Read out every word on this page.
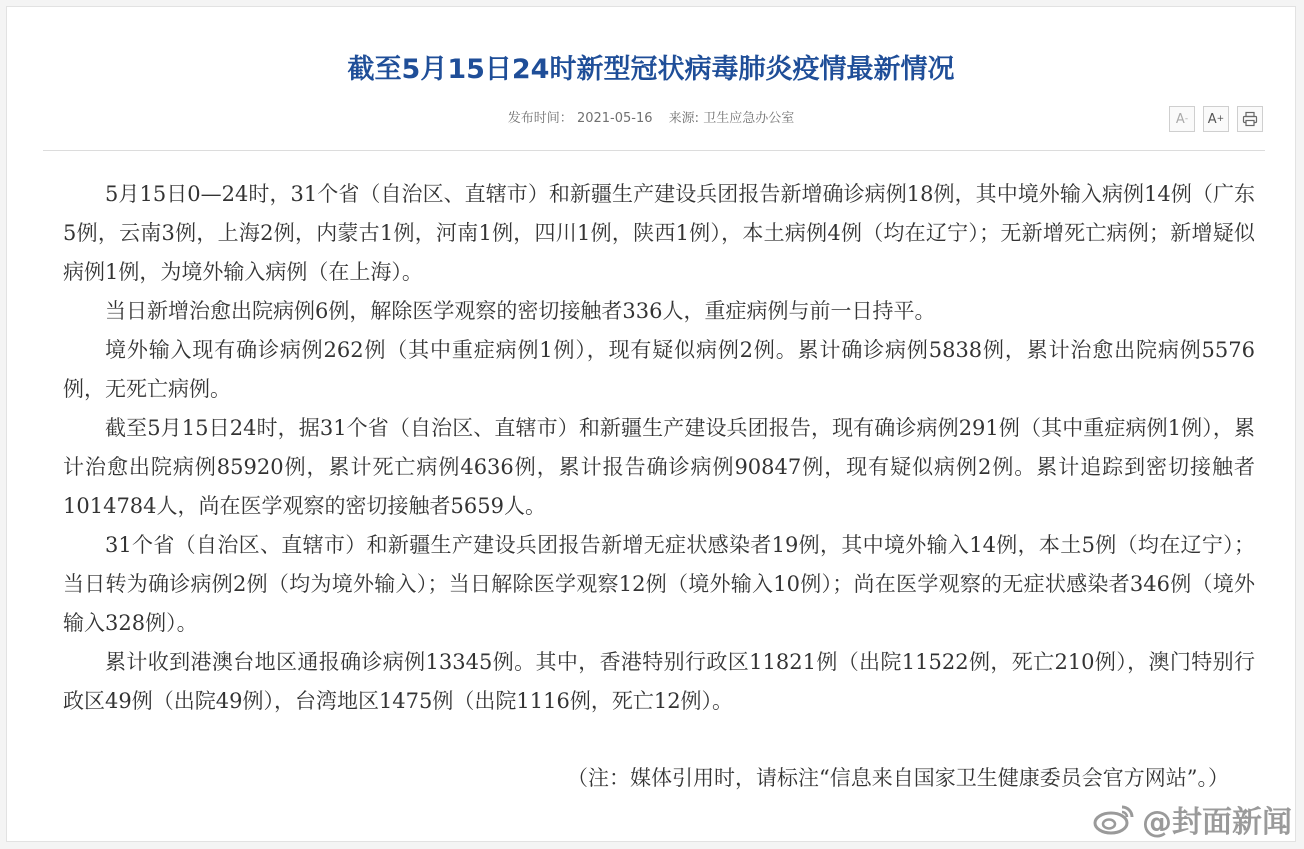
截至5月15日24时新型冠状病毒肺炎疫情最新情况
发布时间： 2021-05-16 来源: 卫生应急办公室	A - A +

5月15日0—24时，31个省（自治区、直辖市）和新疆生产建设兵团报告新增确诊病例18例，其中境外输入病例14例（广东5例，云南3例，上海2例，内蒙古1例，河南1例，四川1例，陕西1例），本土病例4例（均在辽宁）；无新增死亡病例；新增疑似病例1例，为境外输入病例（在上海）。

当日新增治愈出院病例6例，解除医学观察的密切接触者336人，重症病例与前一日持平。

境外输入现有确诊病例262例（其中重症病例1例），现有疑似病例2例。累计确诊病例5838例，累计治愈出院病例5576例，无死亡病例。

截至5月15日24时，据31个省（自治区、直辖市）和新疆生产建设兵团报告，现有确诊病例291例（其中重症病例1例），累计治愈出院病例85920例，累计死亡病例4636例，累计报告确诊病例90847例，现有疑似病例2例。累计追踪到密切接触者1014784人，尚在医学观察的密切接触者5659人。

31个省（自治区、直辖市）和新疆生产建设兵团报告新增无症状感染者19例，其中境外输入14例，本土5例（均在辽宁）；当日转为确诊病例2例（均为境外输入）；当日解除医学观察12例（境外输入10例）；尚在医学观察的无症状感染者346例（境外输入328例）。

累计收到港澳台地区通报确诊病例13345例。其中，香港特别行政区11821例（出院11522例，死亡210例），澳门特别行政区49例（出院49例），台湾地区1475例（出院1116例，死亡12例）。

（注：媒体引用时，请标注“信息来自国家卫生健康委员会官方网站”。）
@封面新闻
